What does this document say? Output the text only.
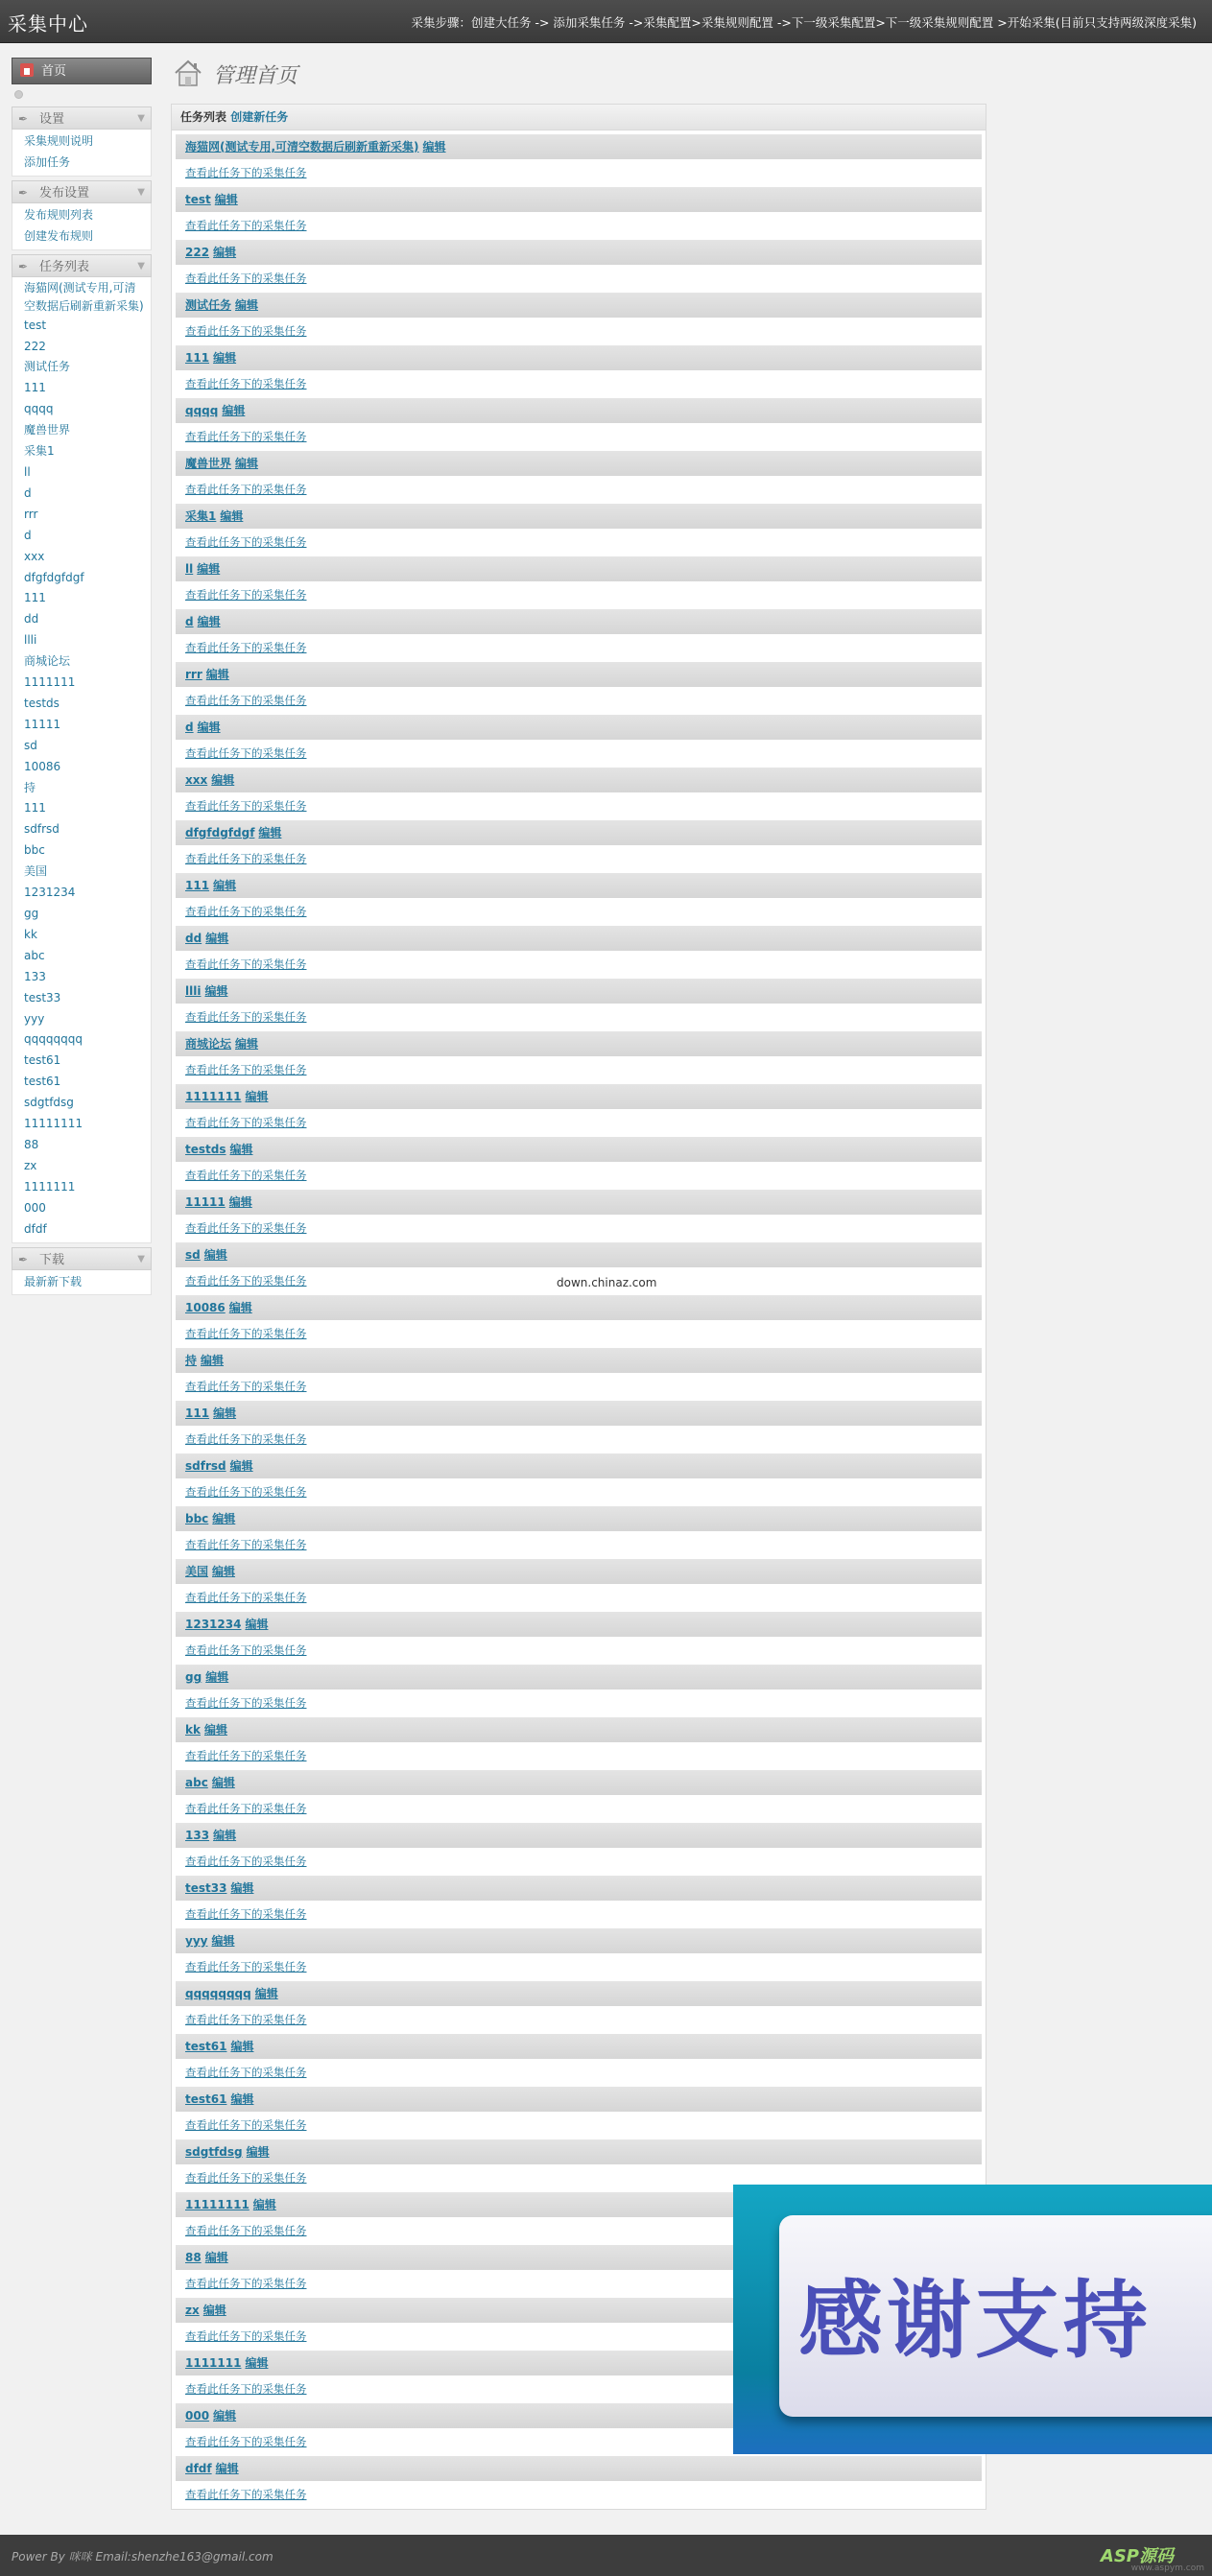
采集中心	采集步骤：创建大任务 -> 添加采集任务 ->采集配置>采集规则配置 ->下一级采集配置>下一级采集规则配置 >开始采集(目前只支持两级深度采集)
首页
✒ 设置	▼
采集规则说明
添加任务
✒ 发布设置	▼
发布规则列表
创建发布规则
✒ 任务列表	▼
海猫网(测试专用,可清空数据后刷新重新采集)
test
222
测试任务
111
qqqq
魔兽世界
采集1
ll
d
rrr
d
xxx
dfgfdgfdgf
111
dd
llli
商城论坛
1111111
testds
11111
sd
10086
持
111
sdfrsd
bbc
美国
1231234
gg
kk
abc
133
test33
yyy
qqqqqqqq
test61
test61
sdgtfdsg
11111111
88
zx
1111111
000
dfdf
✒ 下载	▼
最新新下载
管理首页
任务列表 创建新任务
海猫网(测试专用,可清空数据后刷新重新采集) 编辑
查看此任务下的采集任务
test 编辑
查看此任务下的采集任务
222 编辑
查看此任务下的采集任务
测试任务 编辑
查看此任务下的采集任务
111 编辑
查看此任务下的采集任务
qqqq 编辑
查看此任务下的采集任务
魔兽世界 编辑
查看此任务下的采集任务
采集1 编辑
查看此任务下的采集任务
ll 编辑
查看此任务下的采集任务
d 编辑
查看此任务下的采集任务
rrr 编辑
查看此任务下的采集任务
d 编辑
查看此任务下的采集任务
xxx 编辑
查看此任务下的采集任务
dfgfdgfdgf 编辑
查看此任务下的采集任务
111 编辑
查看此任务下的采集任务
dd 编辑
查看此任务下的采集任务
llli 编辑
查看此任务下的采集任务
商城论坛 编辑
查看此任务下的采集任务
1111111 编辑
查看此任务下的采集任务
testds 编辑
查看此任务下的采集任务
11111 编辑
查看此任务下的采集任务
sd 编辑
查看此任务下的采集任务
10086 编辑
查看此任务下的采集任务
持 编辑
查看此任务下的采集任务
111 编辑
查看此任务下的采集任务
sdfrsd 编辑
查看此任务下的采集任务
bbc 编辑
查看此任务下的采集任务
美国 编辑
查看此任务下的采集任务
1231234 编辑
查看此任务下的采集任务
gg 编辑
查看此任务下的采集任务
kk 编辑
查看此任务下的采集任务
abc 编辑
查看此任务下的采集任务
133 编辑
查看此任务下的采集任务
test33 编辑
查看此任务下的采集任务
yyy 编辑
查看此任务下的采集任务
qqqqqqqq 编辑
查看此任务下的采集任务
test61 编辑
查看此任务下的采集任务
test61 编辑
查看此任务下的采集任务
sdgtfdsg 编辑
查看此任务下的采集任务
11111111 编辑
查看此任务下的采集任务
88 编辑
查看此任务下的采集任务
zx 编辑
查看此任务下的采集任务
1111111 编辑
查看此任务下的采集任务
000 编辑
查看此任务下的采集任务
dfdf 编辑
查看此任务下的采集任务
down.chinaz.com
感谢支持
Power By 咪咪 Email:shenzhe163@gmail.com	ASP源码
www.aspym.com
